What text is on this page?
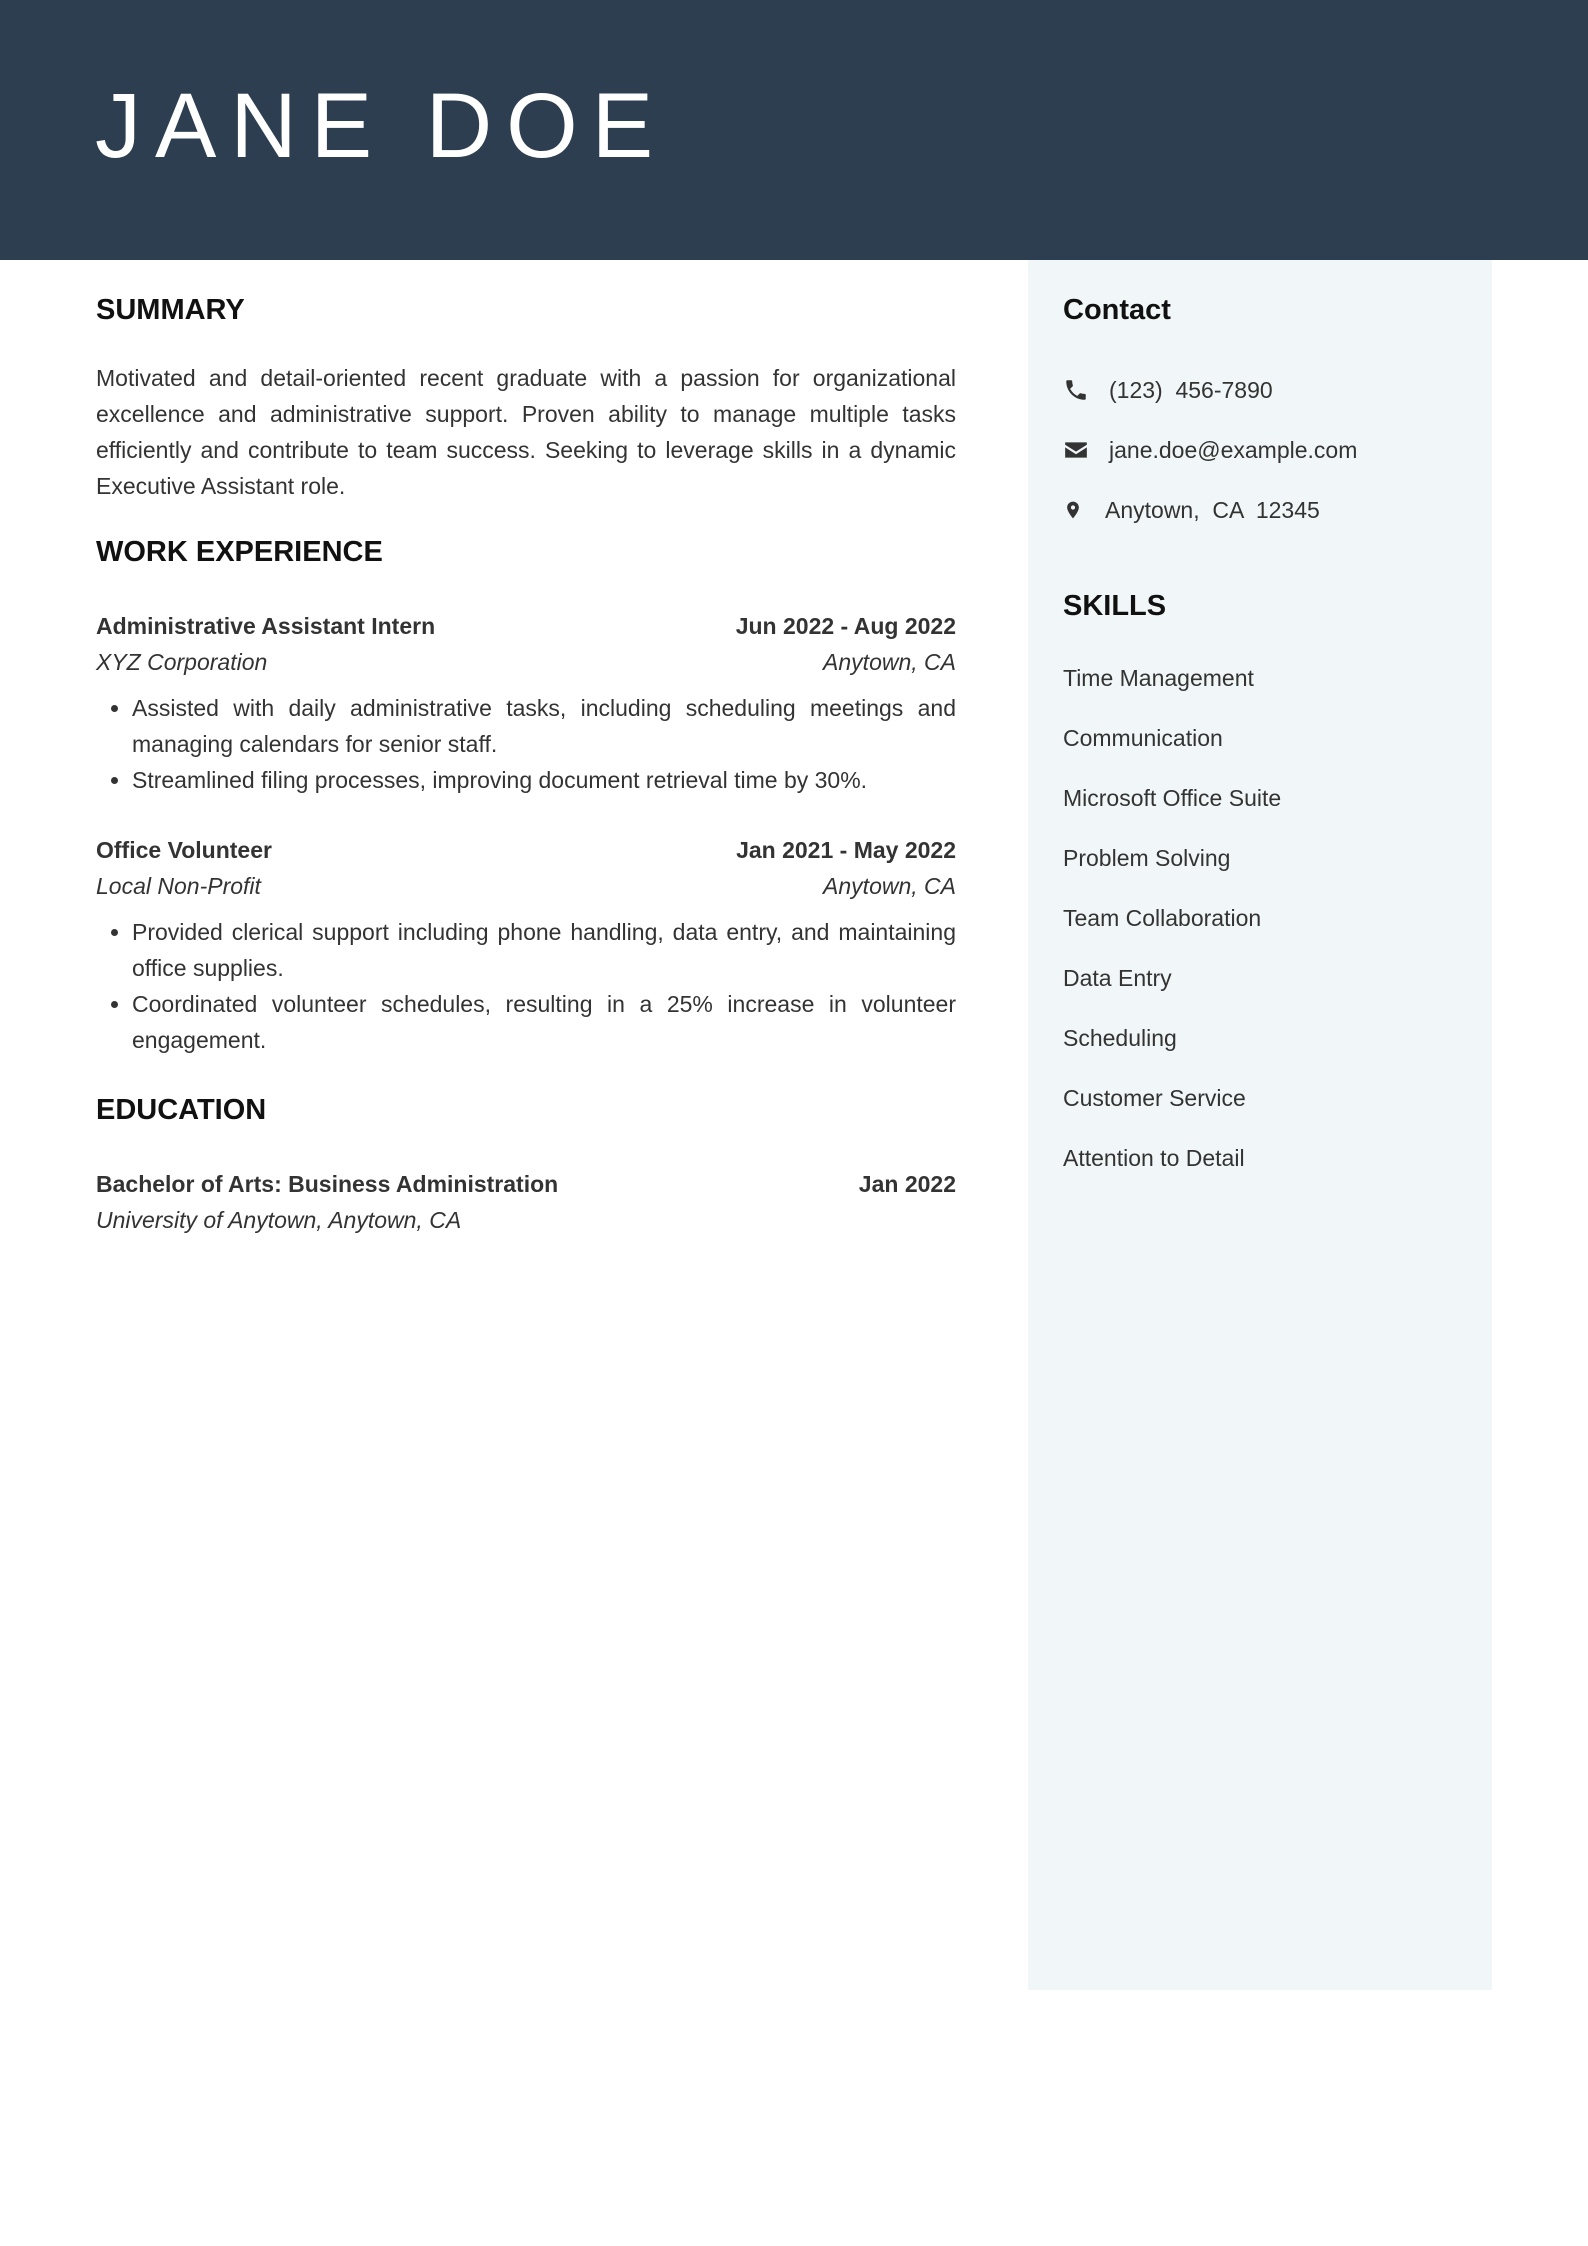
JANE DOE
SUMMARY
Motivated and detail-oriented recent graduate with a passion for organizational excellence and administrative support. Proven ability to manage multiple tasks efficiently and contribute to team success. Seeking to leverage skills in a dynamic Executive Assistant role.
WORK EXPERIENCE
Administrative Assistant Intern	Jun 2022 - Aug 2022
XYZ Corporation	Anytown, CA
• Assisted with daily administrative tasks, including scheduling meetings and managing calendars for senior staff.
• Streamlined filing processes, improving document retrieval time by 30%.
Office Volunteer	Jan 2021 - May 2022
Local Non-Profit	Anytown, CA
• Provided clerical support including phone handling, data entry, and maintaining office supplies.
• Coordinated volunteer schedules, resulting in a 25% increase in volunteer engagement.
EDUCATION
Bachelor of Arts: Business Administration	Jan 2022
University of Anytown, Anytown, CA
Contact
(123)  456-7890
jane.doe@example.com
Anytown,  CA  12345
SKILLS
Time Management
Communication
Microsoft Office Suite
Problem Solving
Team Collaboration
Data Entry
Scheduling
Customer Service
Attention to Detail
